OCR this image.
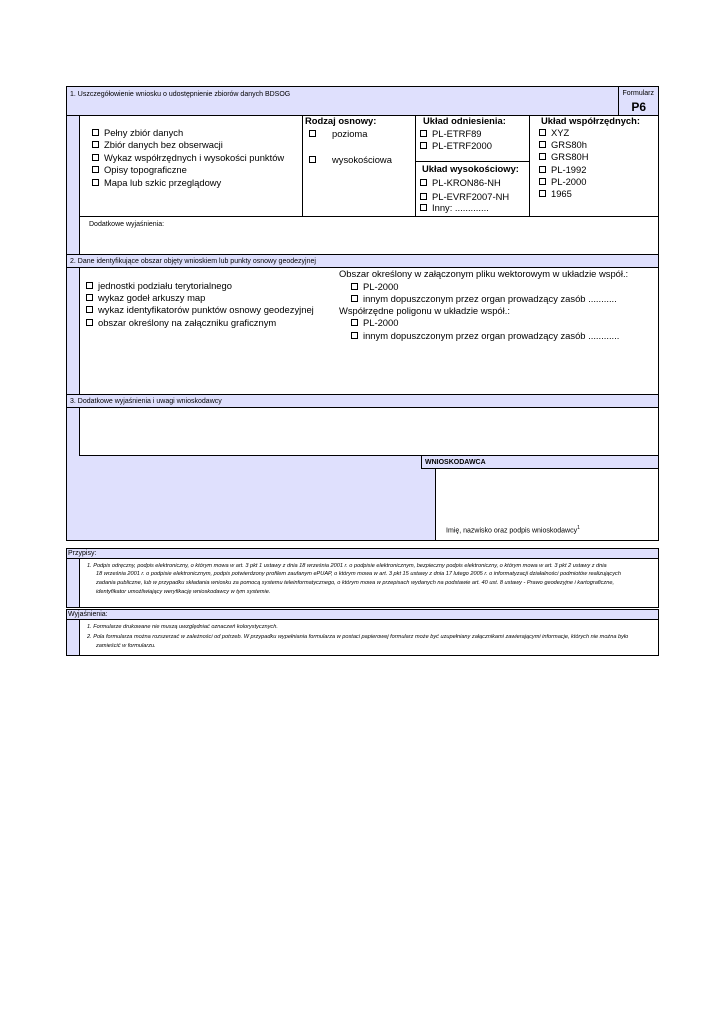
1. Uszczegółowienie wniosku o udostępnienie zbiorów danych BDSOG	Formularz
P6
Pełny zbiór danych
Zbiór danych bez obserwacji
Wykaz współrzędnych i wysokości punktów
Opisy topograficzne
Mapa lub szkic przeglądowy
Rodzaj osnowy:
pozioma
wysokościowa
Układ odniesienia:
PL-ETRF89
PL-ETRF2000
Układ wysokościowy:
PL-KRON86-NH
PL-EVRF2007-NH
Inny: .............
Układ współrzędnych:
XYZ
GRS80h
GRS80H
PL-1992
PL-2000
1965
Dodatkowe wyjaśnienia:
2. Dane identyfikujące obszar objęty wnioskiem lub punkty osnowy geodezyjnej
jednostki podziału terytorialnego
wykaz godeł arkuszy map
wykaz identyfikatorów punktów osnowy geodezyjnej
obszar określony na załączniku graficznym
Obszar określony w załączonym pliku wektorowym w układzie współ.:
PL-2000
innym dopuszczonym przez organ prowadzący zasób ...........
Współrzędne poligonu w układzie współ.:
PL-2000
innym dopuszczonym przez organ prowadzący zasób ............
3. Dodatkowe wyjaśnienia i uwagi wnioskodawcy
WNIOSKODAWCA
Imię, nazwisko oraz podpis wnioskodawcy$^1$
Przypisy:
1. Podpis odręczny, podpis elektroniczny, o którym mowa w art. 3 pkt 1 ustawy z dnia 18 września 2001 r. o podpisie elektronicznym, bezpieczny podpis elektroniczny, o którym mowa w art. 3 pkt 2 ustawy z dnia
18 września 2001 r. o podpisie elektronicznym, podpis potwierdzony profilem zaufanym ePUAP, o którym mowa w art. 3 pkt 15 ustawy z dnia 17 lutego 2005 r. o informatyzacji działalności podmiotów realizujących
zadania publiczne, lub w przypadku składania wniosku za pomocą systemu teleinformatycznego, o którym mowa w przepisach wydanych na podstawie art. 40 ust. 8 ustawy - Prawo geodezyjne i kartograficzne,
identyfikator umożliwiający weryfikację wnioskodawcy w tym systemie.
Wyjaśnienia:
1. Formularze drukowane nie muszą uwzględniać oznaczeń kolorystycznych.
2. Pola formularza można rozszerzać w zależności od potrzeb. W przypadku wypełniania formularza w postaci papierowej formularz może być uzupełniany załącznikami zawierającymi informacje, których nie można było
zamieścić w formularzu.
